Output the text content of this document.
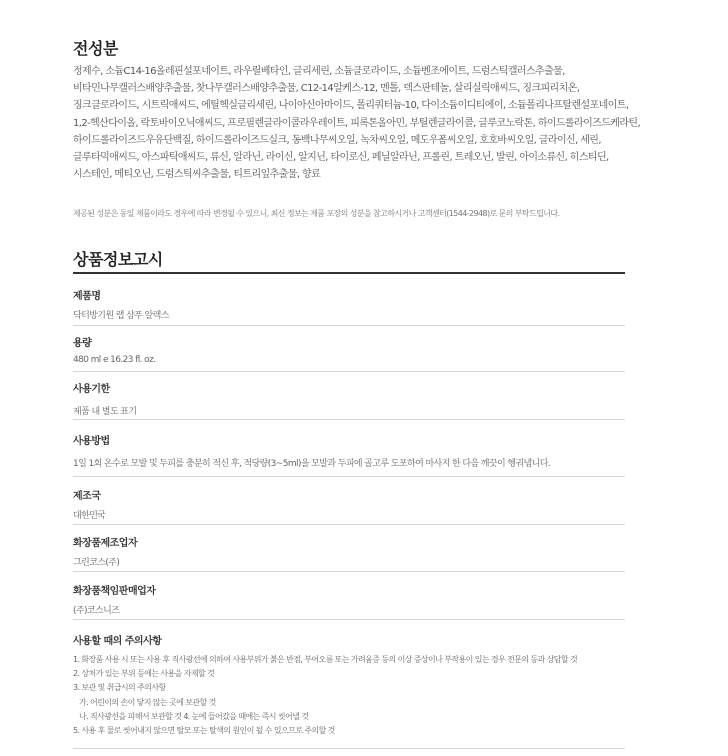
전성분
정제수, 소듐C14-16올레핀설포네이트, 라우릴베타인, 글리세린, 소듐클로라이드, 소듐벤조에이트, 드럼스틱캘러스추출물,
비타민나무캘러스배양추출물, 찻나무캘러스배양추출물, C12-14알케스-12, 멘톨, 덱스판테놀, 살리실릭애씨드, 징크피리치온,
징크클로라이드, 시트릭애씨드, 에틸헥실글리세린, 나이아신아마이드, 폴리쿼터늄-10, 다이소듐이디티에이, 소듐폴리나프탈렌설포네이트,
1,2-헥산다이올, 락토바이오닉애씨드, 프로필렌글라이콜라우레이트, 피록톤올아민, 부틸렌글라이콜, 글루코노락톤, 하이드롤라이즈드케라틴,
하이드롤라이즈드우유단백질, 하이드롤라이즈드실크, 동백나무씨오일, 녹차씨오일, 메도우폼씨오일, 호호바씨오일, 글라이신, 세린,
글루타믹애씨드, 아스파틱애씨드, 류신, 알라닌, 라이신, 알지닌, 타이로신, 페닐알라닌, 프롤린, 트레오닌, 발린, 아이소류신, 히스티딘,
시스테인, 메티오닌, 드럼스틱씨추출물, 티트리잎추출물, 향료
제공된 성분은 동일 제품이라도 경우에 따라 변경될 수 있으니, 최신 정보는 제품 포장의 성분을 참고하시거나 고객센터(1544-2948)로 문의 부탁드립니다.
상품정보고시
제품명
닥터방기원 랩 샴푸 알렉스
용량
480 ml e 16.23 fl. oz.
사용기한
제품 내 별도 표기
사용방법
1일 1회 온수로 모발 및 두피를 충분히 적신 후, 적당량(3~5ml)을 모발과 두피에 골고루 도포하여 마사지 한 다음 깨끗이 헹궈냅니다.
제조국
대한민국
화장품제조업자
그린코스(주)
화장품책임판매업자
(주)코스니즈
사용할 때의 주의사항
1. 화장품 사용 시 또는 사용 후 직사광선에 의하여 사용부위가 붉은 반점, 부어오름 또는 가려움증 등의 이상 증상이나 부작용이 있는 경우 전문의 등과 상담할 것
2. 상처가 있는 부위 등에는 사용을 자제할 것
3. 보관 및 취급시의 주의사항
가. 어린이의 손이 닿지 않는 곳에 보관할 것
나. 직사광선을 피해서 보관할 것 4. 눈에 들어갔을 때에는 즉시 씻어낼 것
5. 사용 후 물로 씻어내지 않으면 탈모 또는 탈색의 원인이 될 수 있으므로 주의할 것
